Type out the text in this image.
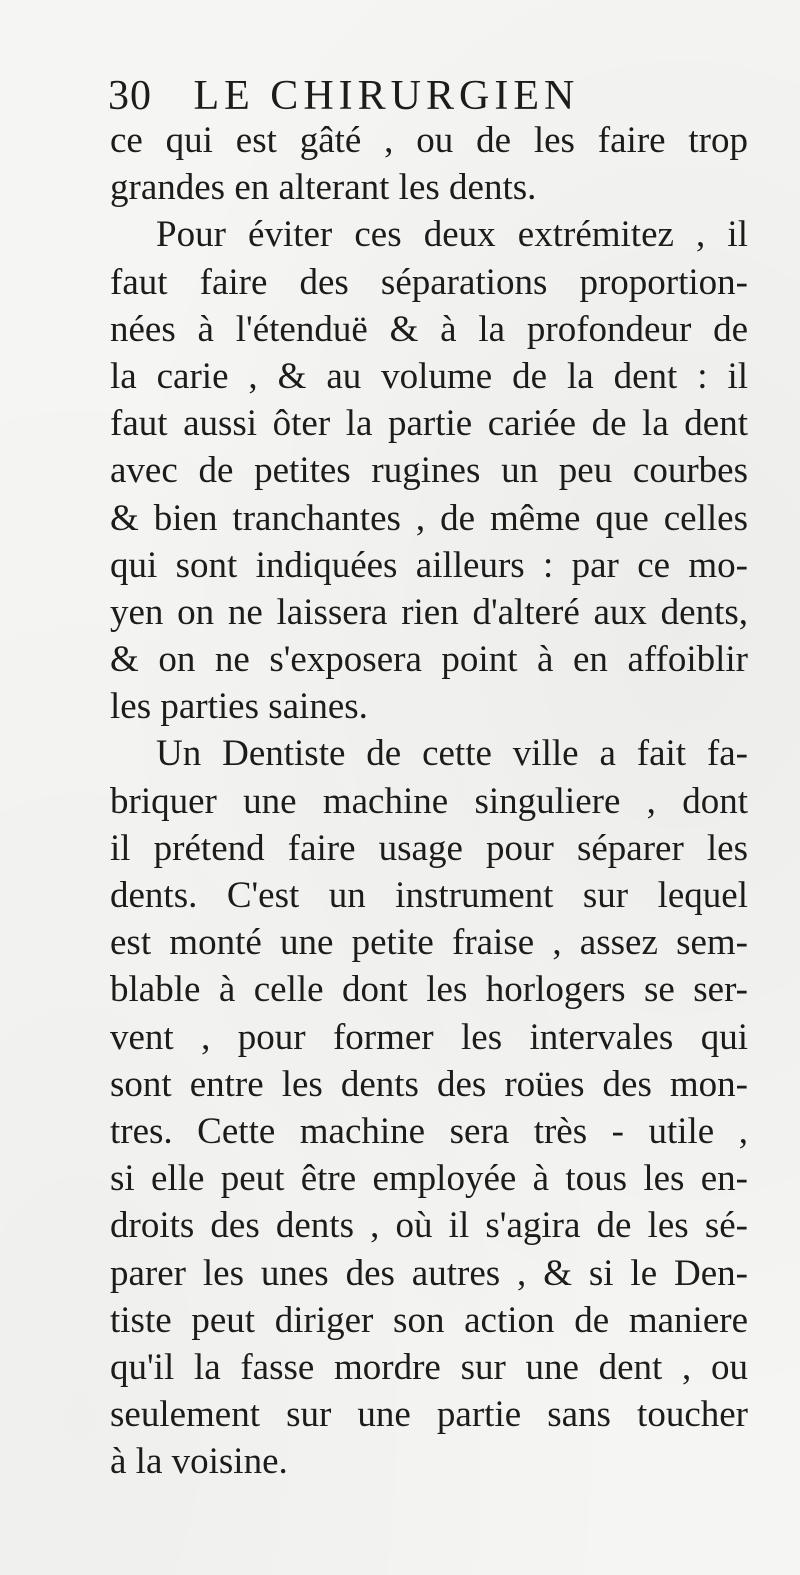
30 LE CHIRURGIEN
ce qui est gâté , ou de les faire trop
grandes en alterant les dents.
Pour éviter ces deux extrémitez , il
faut faire des séparations proportion-
nées à l'étenduë & à la profondeur de
la carie , & au volume de la dent : il
faut aussi ôter la partie cariée de la dent
avec de petites rugines un peu courbes
& bien tranchantes , de même que celles
qui sont indiquées ailleurs : par ce mo-
yen on ne laissera rien d'alteré aux dents,
& on ne s'exposera point à en affoiblir
les parties saines.
Un Dentiste de cette ville a fait fa-
briquer une machine singuliere , dont
il prétend faire usage pour séparer les
dents. C'est un instrument sur lequel
est monté une petite fraise , assez sem-
blable à celle dont les horlogers se ser-
vent , pour former les intervales qui
sont entre les dents des roües des mon-
tres. Cette machine sera très - utile ,
si elle peut être employée à tous les en-
droits des dents , où il s'agira de les sé-
parer les unes des autres , & si le Den-
tiste peut diriger son action de maniere
qu'il la fasse mordre sur une dent , ou
seulement sur une partie sans toucher
à la voisine.
